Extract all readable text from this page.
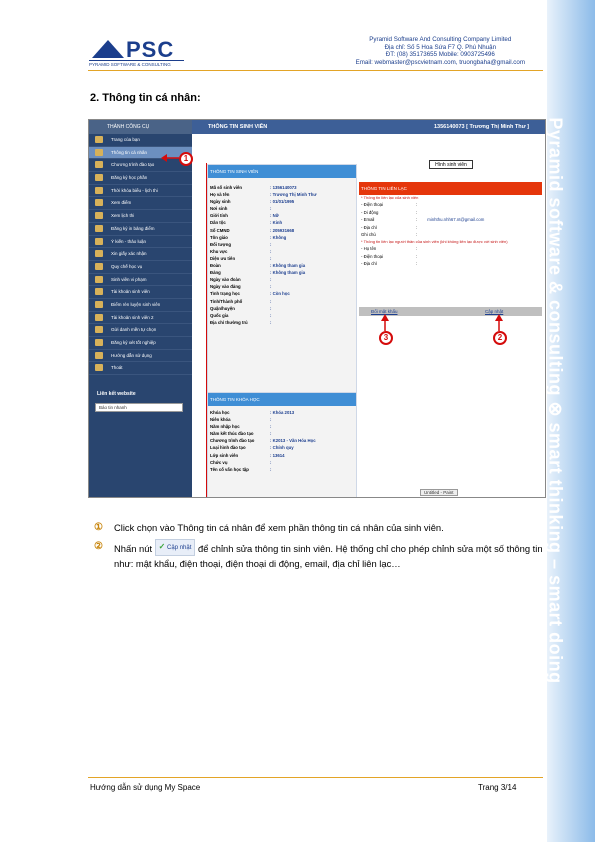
Pyramid software & consulting ⊗ smart thinking – smart doing
PSC
PYRAMID SOFTWARE & CONSULTING
Pyramid Software And Consulting Company Limited
Địa chỉ: Số 5 Hoa Sứa F7 Q. Phú Nhuận
ĐT: (08) 35173655 Mobile: 0903725496
Email: webmaster@pscvietnam.com, truongbaha@gmail.com
2. Thông tin cá nhân:
THÀNH CÔNG CỤ
Trang của bạn
Thông tin cá nhân
Chương trình đào tạo
Đăng ký học phần
Thời khóa biểu - lịch thi
Xem điểm
Xem lịch thi
Đăng ký in bảng điểm
Ý kiến - thảo luận
Xin giấy xác nhận
Quy chế học vụ
Sinh viên vi phạm
Tài khoản sinh viên
Điểm rèn luyện sinh viên
Tài khoản sinh viên 2
Gửi danh mền tự chọn
Đăng ký xét tốt nghiệp
Hướng dẫn sử dụng
Thoát
Liên kết website
Báo tin nhanh
THÔNG TIN SINH VIÊN	1356140073 [ Trương Thị Minh Thư ]
Hình sinh viên
THÔNG TIN SINH VIÊN
Mã số sinh viên	: 1356140073
Họ và tên	: Trương Thị Minh Thư
Ngày sinh	: 01/01/1995
Nơi sinh	:
Giới tính	: Nữ
Dân tộc	: Kinh
Số CMND	: 205931668
Tôn giáo	: Không
Đối tượng	:
Khu vực	:
Diện ưu tiên	:
Đoàn	: Không tham gia
Đảng	: Không tham gia
Ngày vào đoàn	:
Ngày vào đảng	:
Tình trạng học	: Còn học
Tỉnh/Thành phố	:
Quận/huyện	:
Quốc gia	:
Địa chỉ thường trú	:
THÔNG TIN KHÓA HỌC
Khóa học	: Khóa 2013
Niên khóa	:
Năm nhập học	:
Năm kết thúc đào tạo	:
Chương trình đào tạo	: K2013 - Văn Hóa Học
Loại hình đào tạo	: Chính quy
Lớp sinh viên	: 13614
Chức vụ	:
Tên cố vấn học tập	:
THÔNG TIN LIÊN LẠC
* Thông tin liên lạc của sinh viên
- Điện thoại	:
- Di động	:
- Email	: minhthu.nhh67.nt@gmail.com
- Địa chỉ	:
Ghi chú	:
* Thông tin liên lạc người thân của sinh viên (khi không liên lạc được với sinh viên)
- Họ tên	:
- Điện thoại	:
- Địa chỉ	:
Đổi mật khẩu	Cập nhật
Untitled - Paint
1
2
3
① Click chọn vào Thông tin cá nhân để xem phần thông tin cá nhân của sinh viên.
② Nhấn nút ✓ Cập nhật để chỉnh sửa thông tin sinh viên. Hệ thống chỉ cho phép chỉnh sửa một số thông tin như: mật khẩu, điện thoại, điện thoại di động, email, địa chỉ liên lạc…
Hướng dẫn sử dụng My Space	Trang 3/14
